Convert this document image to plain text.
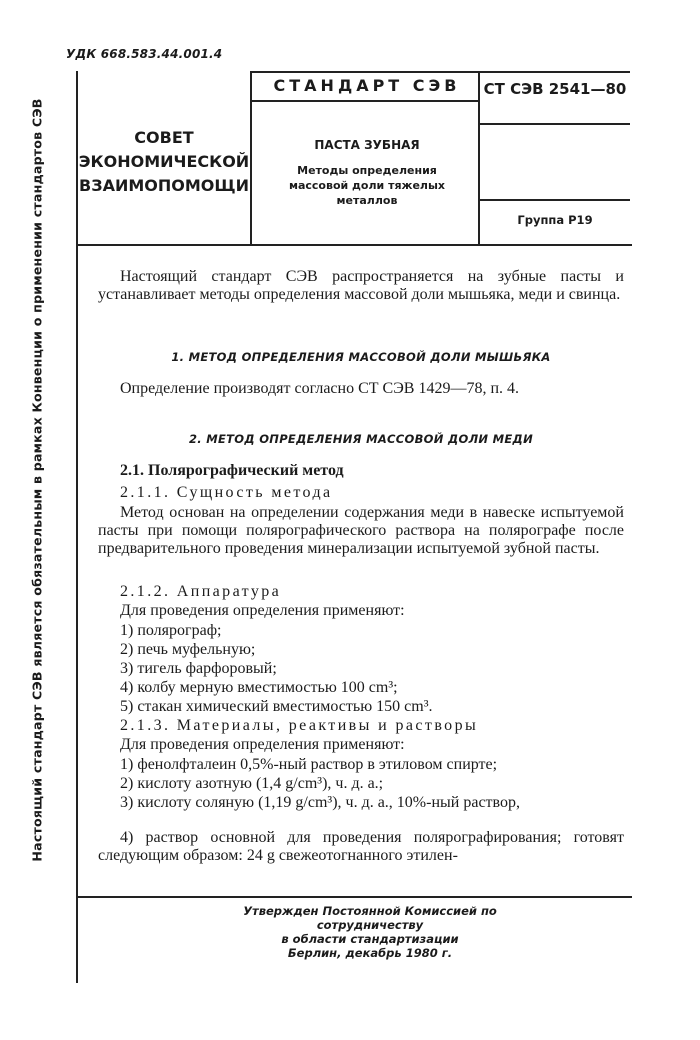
УДК 668.583.44.001.4
Настоящий стандарт СЭВ является обязательным в рамках Конвенции о применении стандартов СЭВ	СОВЕТ
ЭКОНОМИЧЕСКОЙ
ВЗАИМОПОМОЩИ
СТАНДАРТ СЭВ	СТ СЭВ 2541—80
ПАСТА ЗУБНАЯ
Методы определения
массовой доли тяжелых
металлов
Группа Р19

Настоящий стандарт СЭВ распространяется на зубные пасты и устанавливает методы определения массовой доли мышьяка, меди и свинца.

1. МЕТОД ОПРЕДЕЛЕНИЯ МАССОВОЙ ДОЛИ МЫШЬЯКА
Определение производят согласно СТ СЭВ 1429—78, п. 4.
2. МЕТОД ОПРЕДЕЛЕНИЯ МАССОВОЙ ДОЛИ МЕДИ
2.1. Полярографический метод
2.1.1. Сущность метода

Метод основан на определении содержания меди в навеске испытуемой пасты при помощи полярографического раствора на полярографе после предварительного проведения минерализации испытуемой зубной пасты.

2.1.2. Аппаратура
Для проведения определения применяют:
1) полярограф;
2) печь муфельную;
3) тигель фарфоровый;
4) колбу мерную вместимостью 100 cm³;
5) стакан химический вместимостью 150 cm³.
2.1.3. Материалы, реактивы и растворы
Для проведения определения применяют:
1) фенолфталеин 0,5%-ный раствор в этиловом спирте;
2) кислоту азотную (1,4 g/cm³), ч. д. а.;

3) кислоту соляную (1,19 g/cm³), ч. д. а., 10%-ный раствор,

4) раствор основной для проведения полярографирования; готовят следующим образом: 24 g свежеотогнанного этилен-

Утвержден Постоянной Комиссией по сотрудничеству
в области стандартизации
Берлин, декабрь 1980 г.
